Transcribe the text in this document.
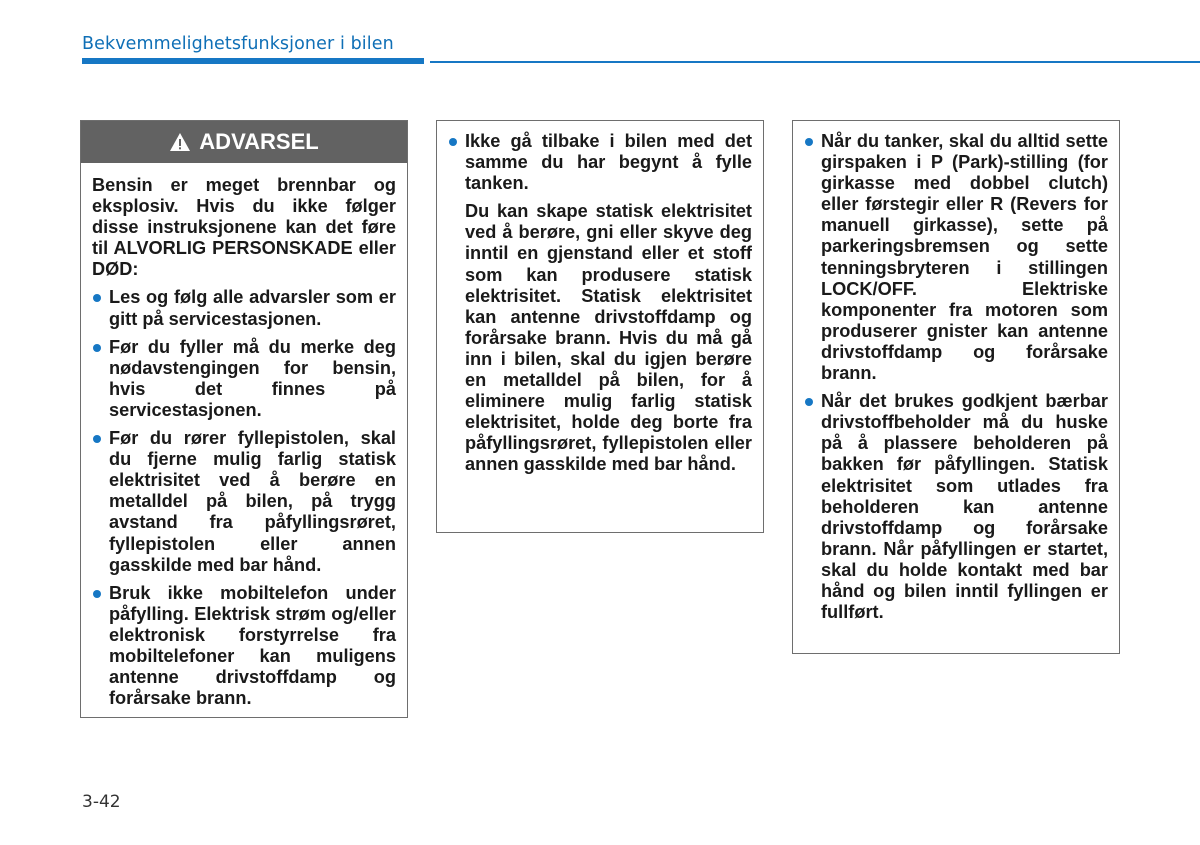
Bekvemmelighetsfunksjoner i bilen
ADVARSEL

Bensin er meget brennbar og eksplosiv. Hvis du ikke følger disse instruksjonene kan det føre til ALVORLIG PERSONSKADE eller DØD:

Les og følg alle advarsler som er gitt på servicestasjonen.
Før du fyller må du merke deg nødavstengingen for bensin, hvis det finnes på servicestasjonen.
Før du rører fyllepistolen, skal du fjerne mulig farlig statisk elektrisitet ved å berøre en metalldel på bilen, på trygg avstand fra påfyllingsrøret, fyllepistolen eller annen gasskilde med bar hånd.
Bruk ikke mobiltelefon under påfylling. Elektrisk strøm og/eller elektronisk forstyrrelse fra mobiltelefoner kan muligens antenne drivstoffdamp og forårsake brann.
Ikke gå tilbake i bilen med det samme du har begynt å fylle tanken.

Du kan skape statisk elektrisitet ved å berøre, gni eller skyve deg inntil en gjenstand eller et stoff som kan produsere statisk elektrisitet. Statisk elektrisitet kan antenne drivstoffdamp og forårsake brann. Hvis du må gå inn i bilen, skal du igjen berøre en metalldel på bilen, for å eliminere mulig farlig statisk elektrisitet, holde deg borte fra påfyllingsrøret, fyllepistolen eller annen gasskilde med bar hånd.

Når du tanker, skal du alltid sette girspaken i P (Park)-stilling (for girkasse med dobbel clutch) eller førstegir eller R (Revers for manuell girkasse), sette på parkeringsbremsen og sette tenningsbryteren i stillingen LOCK/OFF. Elektriske komponenter fra motoren som produserer gnister kan antenne drivstoffdamp og forårsake brann.
Når det brukes godkjent bærbar drivstoffbeholder må du huske på å plassere beholderen på bakken før påfyllingen. Statisk elektrisitet som utlades fra beholderen kan antenne drivstoffdamp og forårsake brann. Når påfyllingen er startet, skal du holde kontakt med bar hånd og bilen inntil fyllingen er fullført.
3-42
